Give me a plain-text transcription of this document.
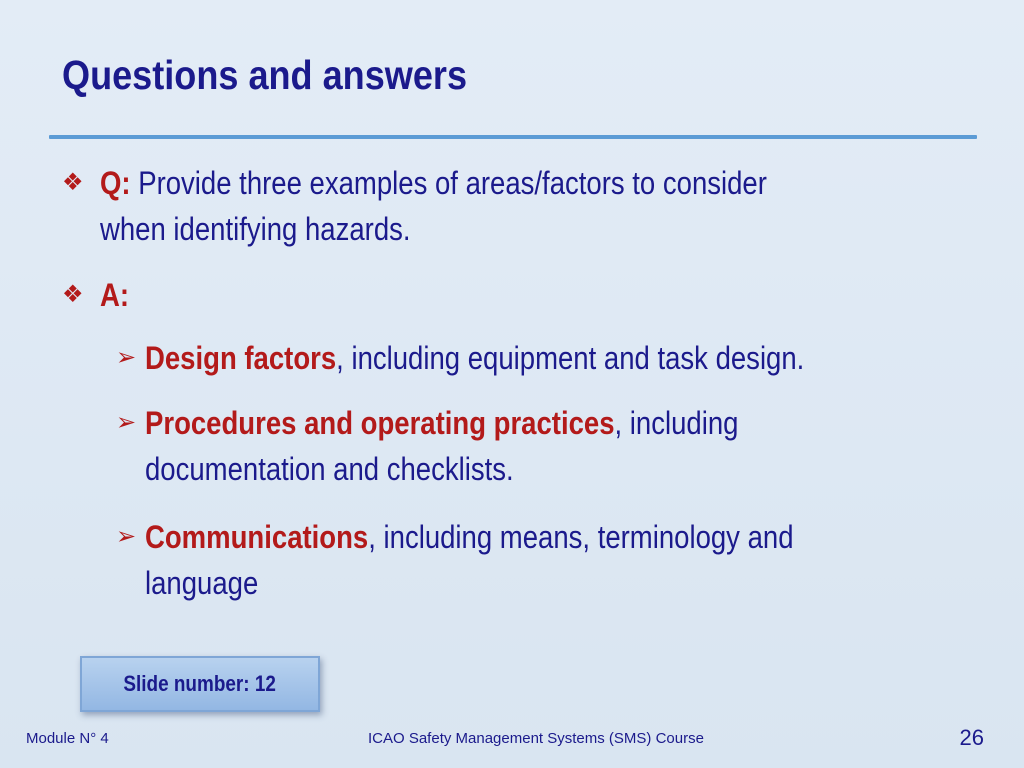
Questions and answers
❖ Q: Provide three examples of areas/factors to consider
when identifying hazards.
❖ A:
➢ Design factors, including equipment and task design.
➢ Procedures and operating practices, including
documentation and checklists.
➢ Communications, including means, terminology and
language
Slide number: 12
Module N° 4	ICAO Safety Management Systems (SMS) Course	26
